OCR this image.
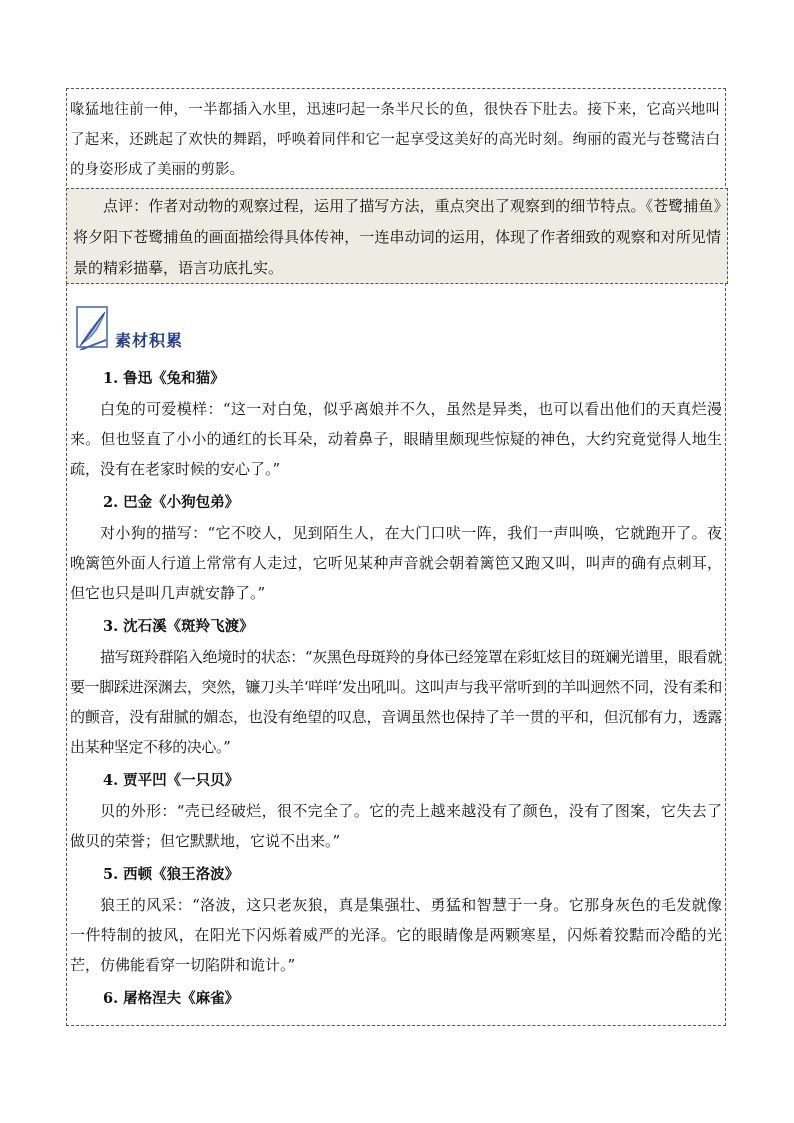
喙猛地往前一伸，一半都插入水里，迅速叼起一条半尺长的鱼，很快吞下肚去。接下来，它高兴地叫了起来，还跳起了欢快的舞蹈，呼唤着同伴和它一起享受这美好的高光时刻。绚丽的霞光与苍鹭洁白的身姿形成了美丽的剪影。

点评：作者对动物的观察过程，运用了描写方法，重点突出了观察到的细节特点。《苍鹭捕鱼》将夕阳下苍鹭捕鱼的画面描绘得具体传神，一连串动词的运用，体现了作者细致的观察和对所见情景的精彩描摹，语言功底扎实。

素材积累

1. 鲁迅《兔和猫》

白兔的可爱模样：“这一对白兔，似乎离娘并不久，虽然是异类，也可以看出他们的天真烂漫来。但也竖直了小小的通红的长耳朵，动着鼻子，眼睛里颇现些惊疑的神色，大约究竟觉得人地生疏，没有在老家时候的安心了。”

2. 巴金《小狗包弟》

对小狗的描写：“它不咬人，见到陌生人，在大门口吠一阵，我们一声叫唤，它就跑开了。夜晚篱笆外面人行道上常常有人走过，它听见某种声音就会朝着篱笆又跑又叫，叫声的确有点刺耳，但它也只是叫几声就安静了。”

3. 沈石溪《斑羚飞渡》

描写斑羚群陷入绝境时的状态：“灰黑色母斑羚的身体已经笼罩在彩虹炫目的斑斓光谱里，眼看就要一脚踩进深渊去，突然，镰刀头羊‘咩咩’发出吼叫。这叫声与我平常听到的羊叫迥然不同，没有柔和的颤音，没有甜腻的媚态，也没有绝望的叹息，音调虽然也保持了羊一贯的平和，但沉郁有力，透露出某种坚定不移的决心。”

4. 贾平凹《一只贝》

贝的外形：“壳已经破烂，很不完全了。它的壳上越来越没有了颜色，没有了图案，它失去了做贝的荣誉；但它默默地，它说不出来。”

5. 西顿《狼王洛波》

狼王的风采：“洛波，这只老灰狼，真是集强壮、勇猛和智慧于一身。它那身灰色的毛发就像一件特制的披风，在阳光下闪烁着威严的光泽。它的眼睛像是两颗寒星，闪烁着狡黠而冷酷的光芒，仿佛能看穿一切陷阱和诡计。”

6. 屠格涅夫《麻雀》
